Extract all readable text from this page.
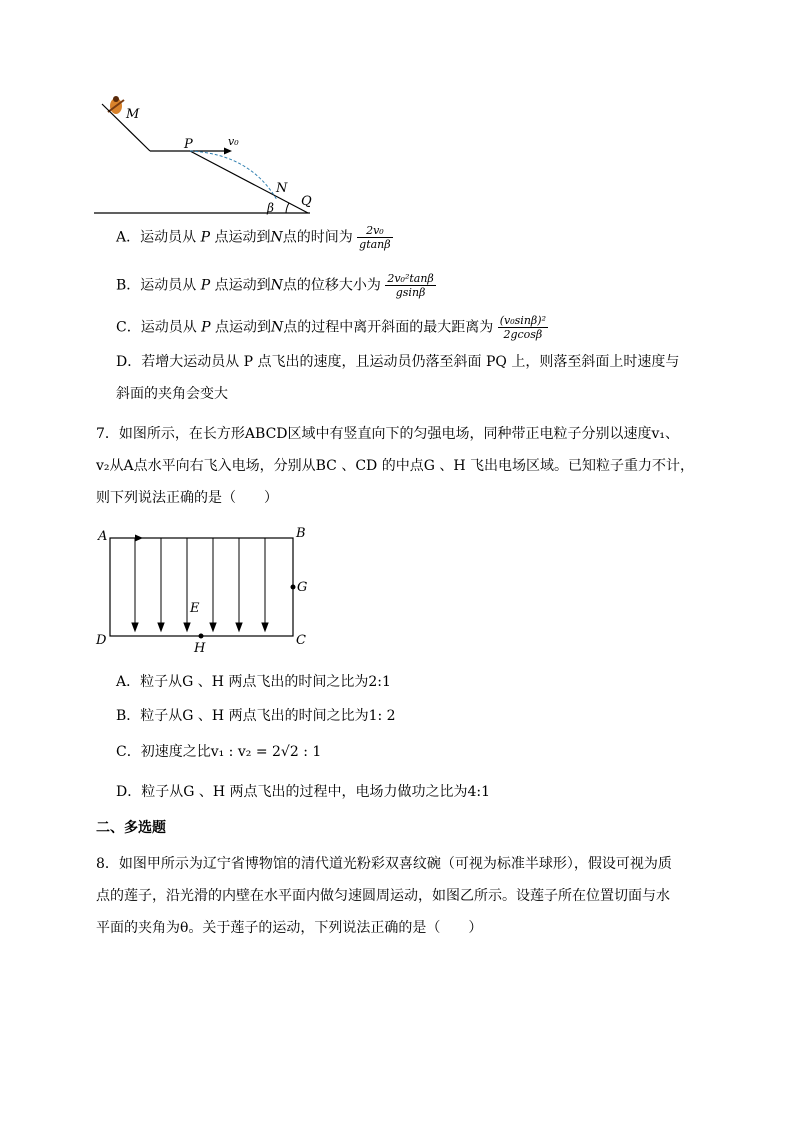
M
P	v₀
N
β Q
A．运动员从 P 点运动到N点的时间为 $\frac{\text{2v₀}}{gtan\beta}$
B．运动员从 P 点运动到N点的位移大小为 $\frac{\text{2v₀²tanβ}}{gsin\beta}$
C．运动员从 P 点运动到N点的过程中离开斜面的最大距离为 $\frac{\text{(v₀sinβ)²}}{2gcos\beta}$
D．若增大运动员从 P 点飞出的速度，且运动员仍落至斜面 PQ 上，则落至斜面上时速度与
斜面的夹角会变大
7．如图所示，在长方形ABCD区域中有竖直向下的匀强电场，同种带正电粒子分别以速度v₁、
v₂从A点水平向右飞入电场，分别从BC 、CD 的中点G 、H 飞出电场区域。已知粒子重力不计，
则下列说法正确的是（　　）
A	B
C
D
E
G
H
A．粒子从G 、H 两点飞出的时间之比为2:1
B．粒子从G 、H 两点飞出的时间之比为1: 2
C．初速度之比v₁ : v₂ = 2√2 : 1
D．粒子从G 、H 两点飞出的过程中，电场力做功之比为4:1
二、多选题
8．如图甲所示为辽宁省博物馆的清代道光粉彩双喜纹碗（可视为标准半球形），假设可视为质
点的莲子，沿光滑的内壁在水平面内做匀速圆周运动，如图乙所示。设莲子所在位置切面与水
平面的夹角为θ。关于莲子的运动，下列说法正确的是（　　）
